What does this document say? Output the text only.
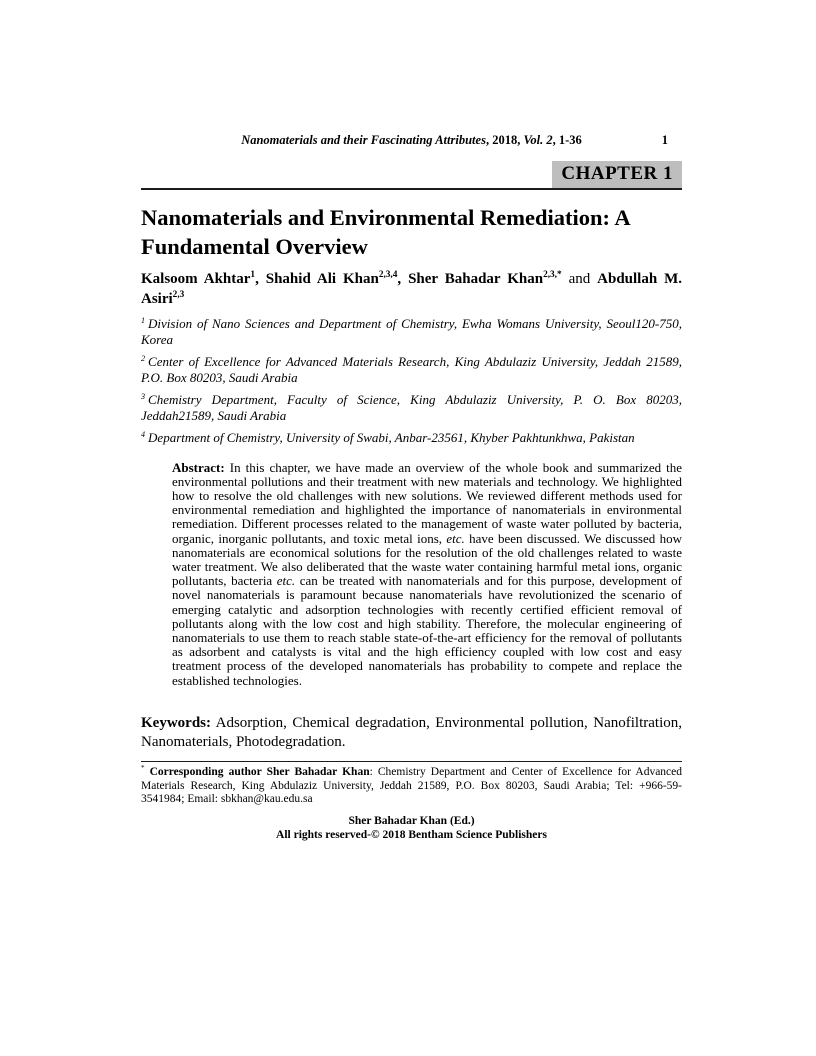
Nanomaterials and their Fascinating Attributes, 2018, Vol. 2, 1-36	1
CHAPTER 1
Nanomaterials and Environmental Remediation: A Fundamental Overview

Kalsoom Akhtar$^1$, Shahid Ali Khan$^{2,3,4}$, Sher Bahadar Khan$^{2,3,*}$ and Abdullah M. Asiri$^{2,3}$

$^1$ Division of Nano Sciences and Department of Chemistry, Ewha Womans University, Seoul120-750, Korea

$^2$ Center of Excellence for Advanced Materials Research, King Abdulaziz University, Jeddah 21589, P.O. Box 80203, Saudi Arabia

$^3$ Chemistry Department, Faculty of Science, King Abdulaziz University, P. O. Box 80203, Jeddah21589, Saudi Arabia

$^4$ Department of Chemistry, University of Swabi, Anbar-23561, Khyber Pakhtunkhwa, Pakistan

Abstract: In this chapter, we have made an overview of the whole book and summarized the environmental pollutions and their treatment with new materials and technology. We highlighted how to resolve the old challenges with new solutions. We reviewed different methods used for environmental remediation and highlighted the importance of nanomaterials in environmental remediation. Different processes related to the management of waste water polluted by bacteria, organic, inorganic pollutants, and toxic metal ions, etc. have been discussed. We discussed how nanomaterials are economical solutions for the resolution of the old challenges related to waste water treatment. We also deliberated that the waste water containing harmful metal ions, organic pollutants, bacteria etc. can be treated with nanomaterials and for this purpose, development of novel nanomaterials is paramount because nanomaterials have revolutionized the scenario of emerging catalytic and adsorption technologies with recently certified efficient removal of pollutants along with the low cost and high stability. Therefore, the molecular engineering of nanomaterials to use them to reach stable state-of-the-art efficiency for the removal of pollutants as adsorbent and catalysts is vital and the high efficiency coupled with low cost and easy treatment process of the developed nanomaterials has probability to compete and replace the established technologies.

Keywords: Adsorption, Chemical degradation, Environmental pollution, Nanofiltration, Nanomaterials, Photodegradation.

* Corresponding author Sher Bahadar Khan: Chemistry Department and Center of Excellence for Advanced Materials Research, King Abdulaziz University, Jeddah 21589, P.O. Box 80203, Saudi Arabia; Tel: +966-59-3541984; Email: sbkhan@kau.edu.sa

Sher Bahadar Khan (Ed.)
All rights reserved-© 2018 Bentham Science Publishers
